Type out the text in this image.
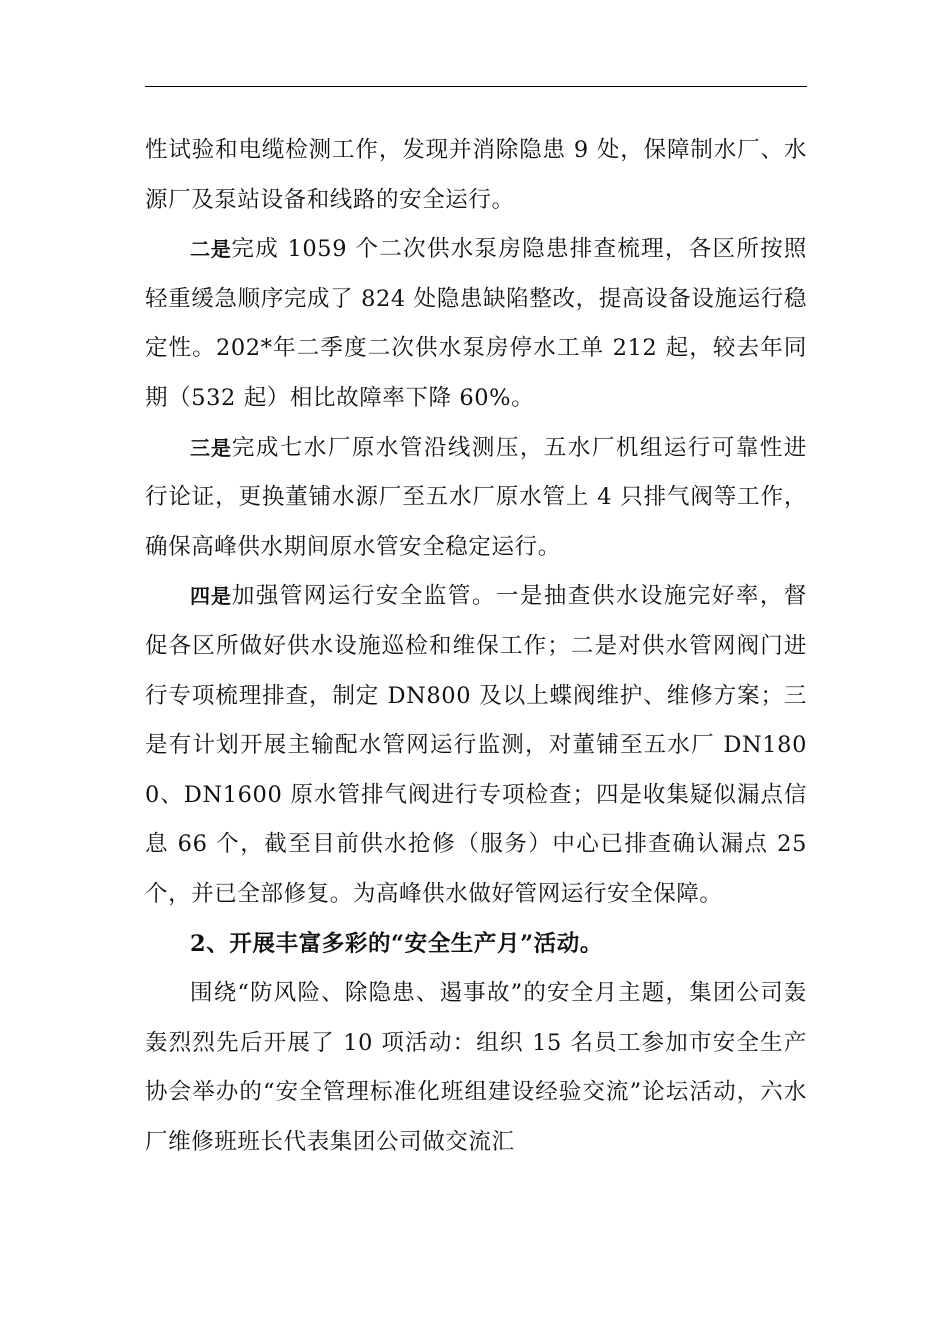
性试验和电缆检测工作，发现并消除隐患 9 处，保障制水厂、水源厂及泵站设备和线路的安全运行。

二是完成 1059 个二次供水泵房隐患排查梳理，各区所按照轻重缓急顺序完成了 824 处隐患缺陷整改，提高设备设施运行稳定性。202*年二季度二次供水泵房停水工单 212 起，较去年同期（532 起）相比故障率下降 60%。

三是完成七水厂原水管沿线测压，五水厂机组运行可靠性进行论证，更换董铺水源厂至五水厂原水管上 4 只排气阀等工作，确保高峰供水期间原水管安全稳定运行。

四是加强管网运行安全监管。一是抽查供水设施完好率，督促各区所做好供水设施巡检和维保工作；二是对供水管网阀门进行专项梳理排查，制定 DN800 及以上蝶阀维护、维修方案；三是有计划开展主输配水管网运行监测，对董铺至五水厂 DN1800、DN1600 原水管排气阀进行专项检查；四是收集疑似漏点信息 66 个，截至目前供水抢修（服务）中心已排查确认漏点 25 个，并已全部修复。为高峰供水做好管网运行安全保障。

2、开展丰富多彩的“安全生产月”活动。

围绕“防风险、除隐患、遏事故”的安全月主题，集团公司轰轰烈烈先后开展了 10 项活动：组织 15 名员工参加市安全生产协会举办的“安全管理标准化班组建设经验交流”论坛活动，六水厂维修班班长代表集团公司做交流汇
